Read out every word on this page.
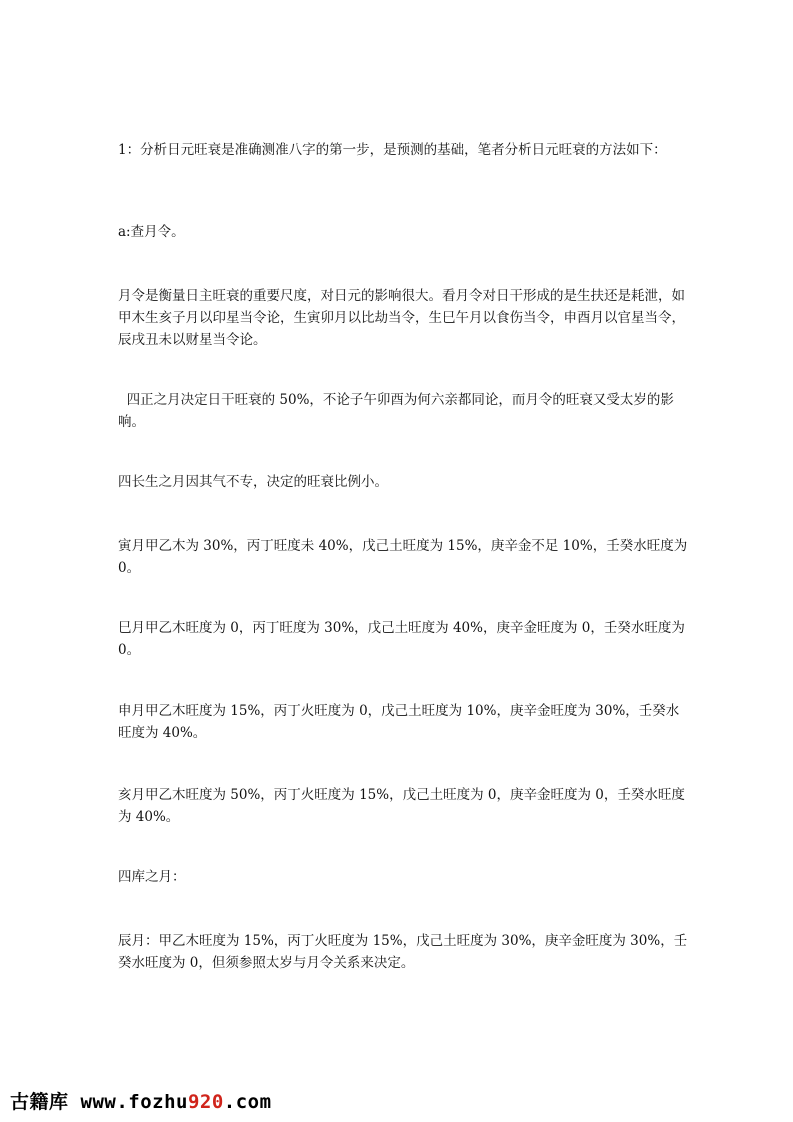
1：分析日元旺衰是准确测准八字的第一步，是预测的基础，笔者分析日元旺衰的方法如下：

a:查月令。

月令是衡量日主旺衰的重要尺度，对日元的影响很大。看月令对日干形成的是生扶还是耗泄，如甲木生亥子月以印星当令论，生寅卯月以比劫当令，生巳午月以食伤当令，申酉月以官星当令，辰戌丑未以财星当令论。

四正之月决定日干旺衰的 50%，不论子午卯酉为何六亲都同论，而月令的旺衰又受太岁的影响。

四长生之月因其气不专，决定的旺衰比例小。

寅月甲乙木为 30%，丙丁旺度未 40%，戊己土旺度为 15%，庚辛金不足 10%，壬癸水旺度为 0。

巳月甲乙木旺度为 0，丙丁旺度为 30%，戊己土旺度为 40%，庚辛金旺度为 0，壬癸水旺度为 0。

申月甲乙木旺度为 15%，丙丁火旺度为 0，戊己土旺度为 10%，庚辛金旺度为 30%，壬癸水旺度为 40%。

亥月甲乙木旺度为 50%，丙丁火旺度为 15%，戊己土旺度为 0，庚辛金旺度为 0，壬癸水旺度为 40%。

四库之月：

辰月：甲乙木旺度为 15%，丙丁火旺度为 15%，戊己土旺度为 30%，庚辛金旺度为 30%，壬癸水旺度为 0，但须参照太岁与月令关系来决定。

古籍库 www.fozhu 920 .com
